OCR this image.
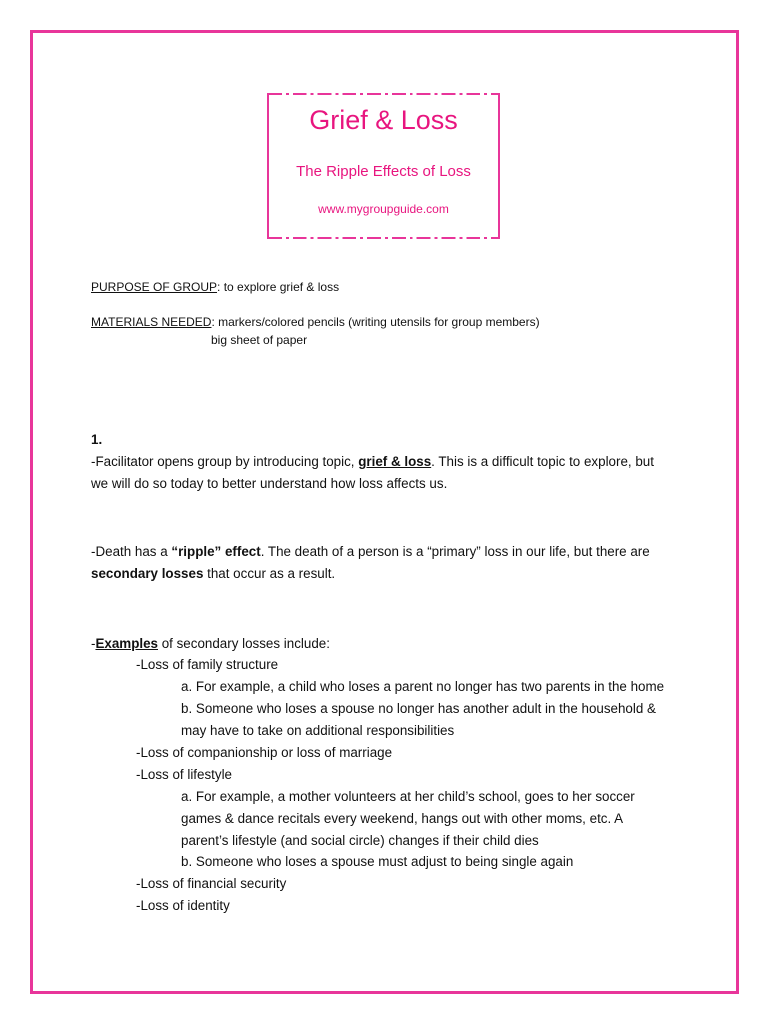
Grief & Loss
The Ripple Effects of Loss
www.mygroupguide.com
PURPOSE OF GROUP: to explore grief & loss
MATERIALS NEEDED: markers/colored pencils (writing utensils for group members)
big sheet of paper
1.
-Facilitator opens group by introducing topic, grief & loss. This is a difficult topic to explore, but
we will do so today to better understand how loss affects us.
-Death has a “ripple” effect. The death of a person is a “primary” loss in our life, but there are
secondary losses that occur as a result.
-Examples of secondary losses include:
-Loss of family structure
a. For example, a child who loses a parent no longer has two parents in the home
b. Someone who loses a spouse no longer has another adult in the household &
may have to take on additional responsibilities
-Loss of companionship or loss of marriage
-Loss of lifestyle
a. For example, a mother volunteers at her child’s school, goes to her soccer
games & dance recitals every weekend, hangs out with other moms, etc. A
parent’s lifestyle (and social circle) changes if their child dies
b. Someone who loses a spouse must adjust to being single again
-Loss of financial security
-Loss of identity
